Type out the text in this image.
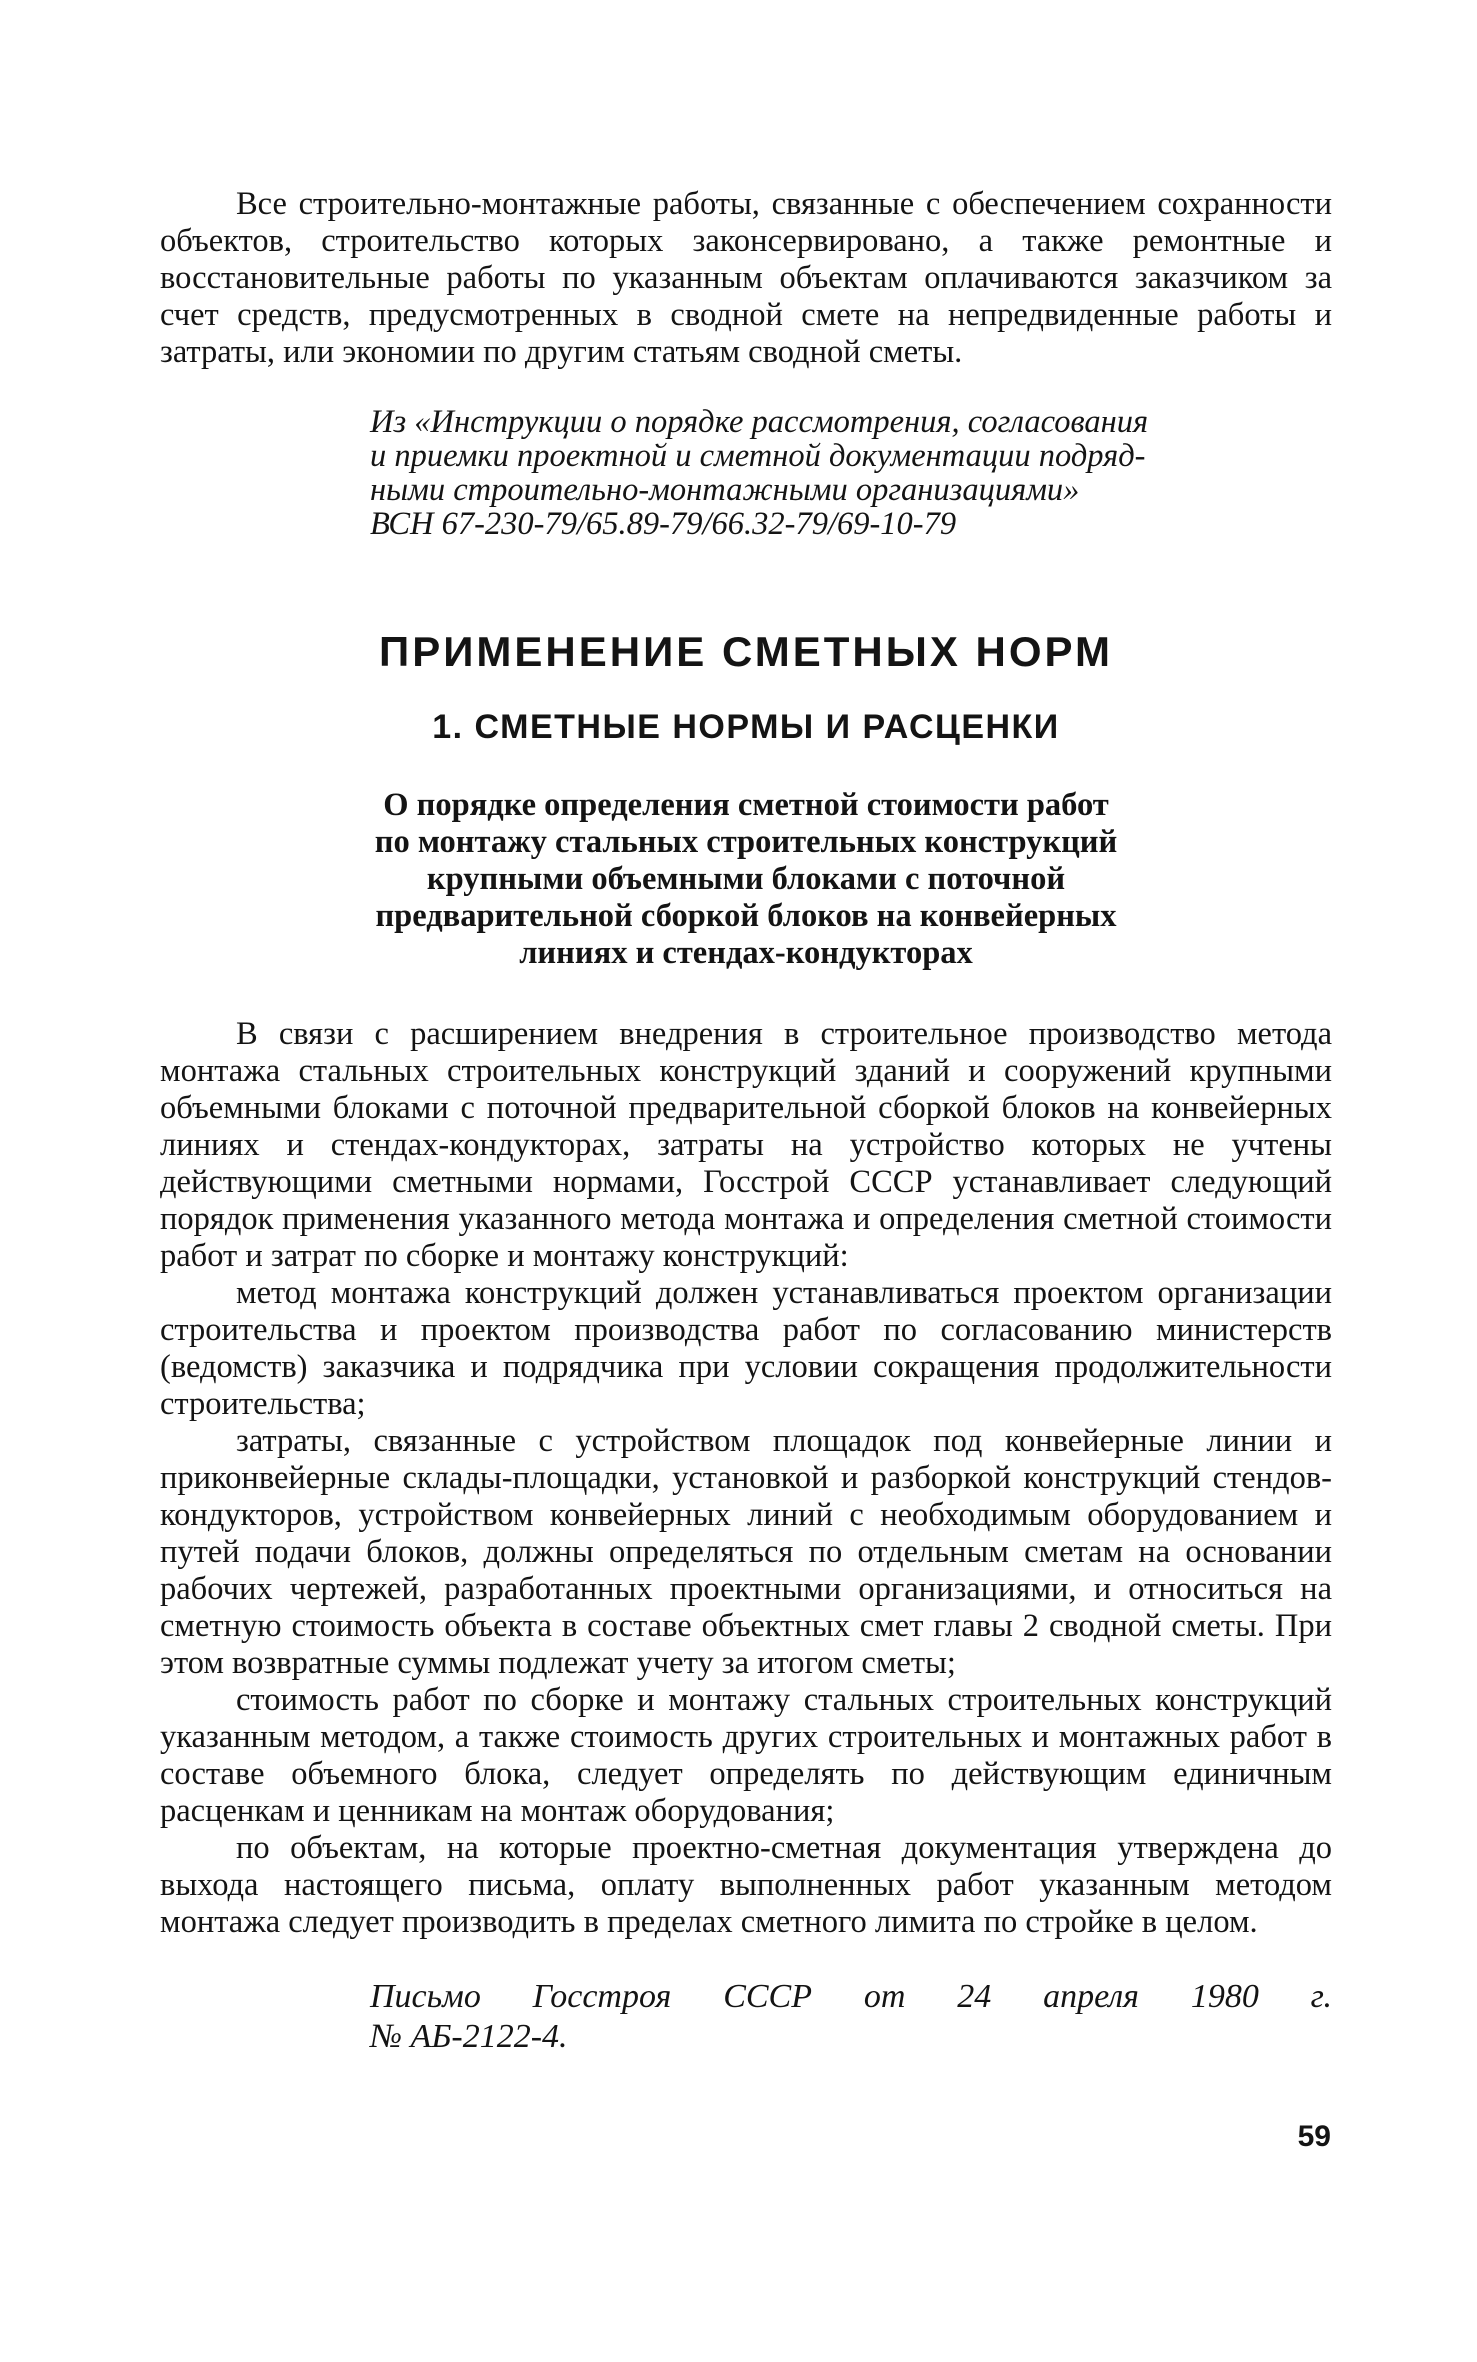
Все строительно-монтажные работы, связанные с обеспечением сохранности объектов, строительство которых законсервировано, а также ремонтные и восстановительные работы по указанным объектам оплачиваются заказчиком за счет средств, предусмотренных в сводной смете на непредвиденные работы и затраты, или экономии по другим статьям сводной сметы.

Из «Инструкции о порядке рассмотрения, согласования
и приемки проектной и сметной документации подряд-
ными строительно-монтажными организациями»
ВСН 67-230-79/65.89-79/66.32-79/69-10-79
ПРИМЕНЕНИЕ СМЕТНЫХ НОРМ
1. СМЕТНЫЕ НОРМЫ И РАСЦЕНКИ
О порядке определения сметной стоимости работ
по монтажу стальных строительных конструкций
крупными объемными блоками с поточной
предварительной сборкой блоков на конвейерных
линиях и стендах-кондукторах

В связи с расширением внедрения в строительное производство метода монтажа стальных строительных конструкций зданий и сооружений крупными объемными блоками с поточной предварительной сборкой блоков на конвейерных линиях и стендах-кондукторах, затраты на устройство которых не учтены действующими сметными нормами, Госстрой СССР устанавливает следующий порядок применения указанного метода монтажа и определения сметной стоимости работ и затрат по сборке и монтажу конструкций:

метод монтажа конструкций должен устанавливаться проектом организации строительства и проектом производства работ по согласованию министерств (ведомств) заказчика и подрядчика при условии сокращения продолжительности строительства;

затраты, связанные с устройством площадок под конвейерные линии и приконвейерные склады-площадки, установкой и разборкой конструкций стендов-кондукторов, устройством конвейерных линий с необходимым оборудованием и путей подачи блоков, должны определяться по отдельным сметам на основании рабочих чертежей, разработанных проектными организациями, и относиться на сметную стоимость объекта в составе объектных смет главы 2 сводной сметы. При этом возвратные суммы подлежат учету за итогом сметы;

стоимость работ по сборке и монтажу стальных строительных конструкций указанным методом, а также стоимость других строительных и монтажных работ в составе объемного блока, следует определять по действующим единичным расценкам и ценникам на монтаж оборудования;

по объектам, на которые проектно-сметная документация утверждена до выхода настоящего письма, оплату выполненных работ указанным методом монтажа следует производить в пределах сметного лимита по стройке в целом.

Письмо Госстроя СССР от 24 апреля 1980 г.
№ АБ-2122-4.
59
